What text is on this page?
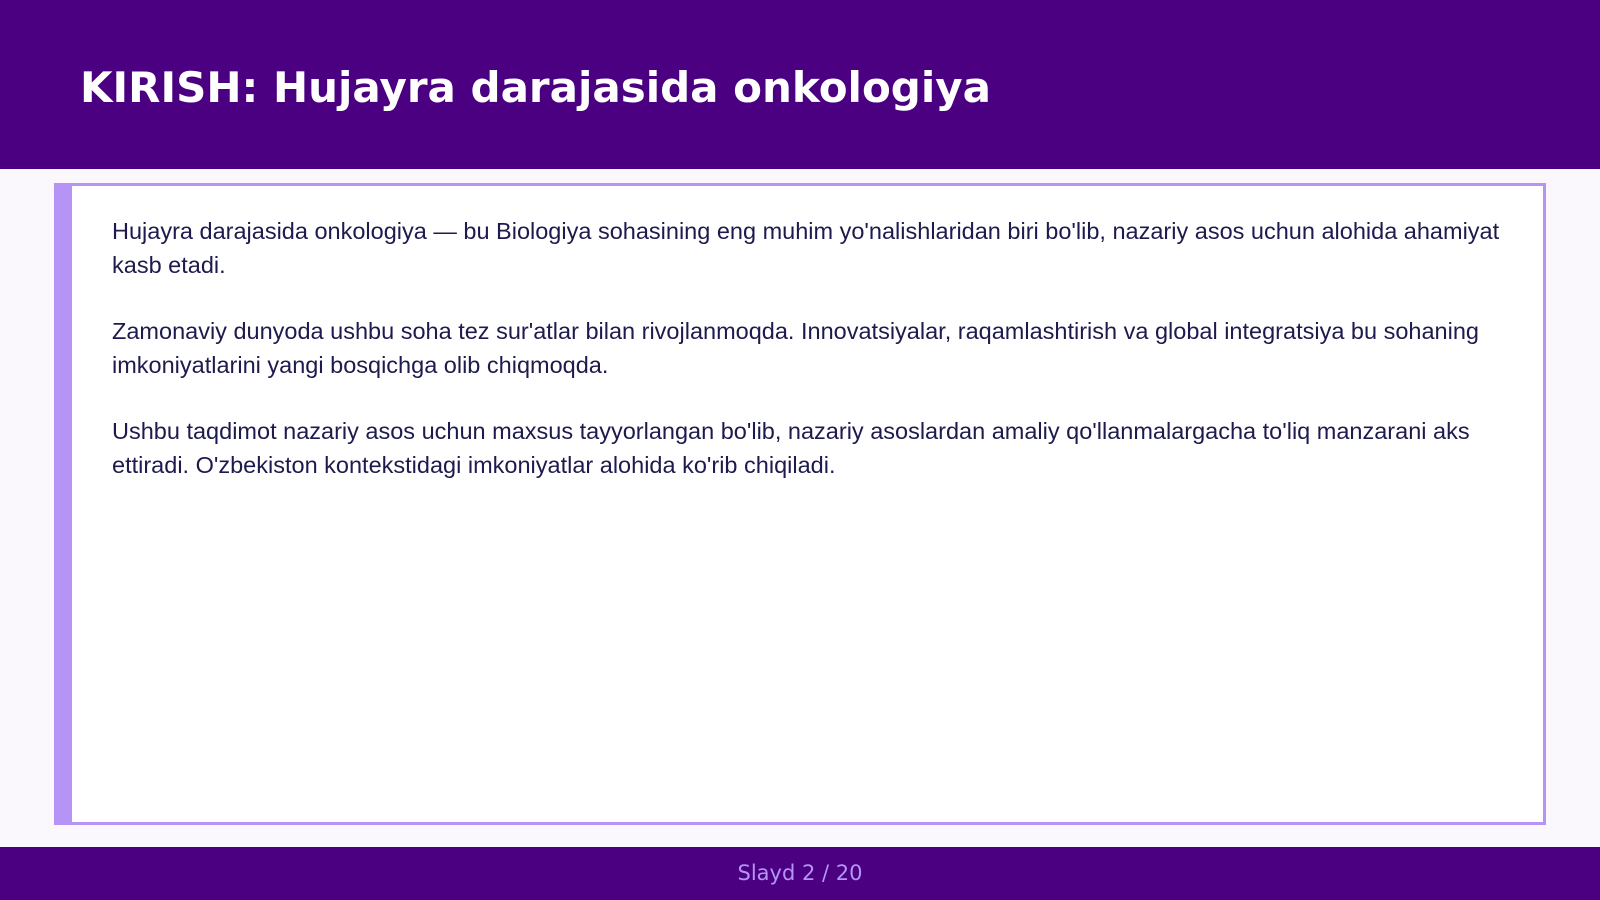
KIRISH: Hujayra darajasida onkologiya

Hujayra darajasida onkologiya — bu Biologiya sohasining eng muhim yo'nalishlaridan biri bo'lib, nazariy asos uchun alohida ahamiyat kasb etadi.

Zamonaviy dunyoda ushbu soha tez sur'atlar bilan rivojlanmoqda. Innovatsiyalar, raqamlashtirish va global integratsiya bu sohaning imkoniyatlarini yangi bosqichga olib chiqmoqda.

Ushbu taqdimot nazariy asos uchun maxsus tayyorlangan bo'lib, nazariy asoslardan amaliy qo'llanmalargacha to'liq manzarani aks ettiradi. O'zbekiston kontekstidagi imkoniyatlar alohida ko'rib chiqiladi.

Slayd 2 / 20
